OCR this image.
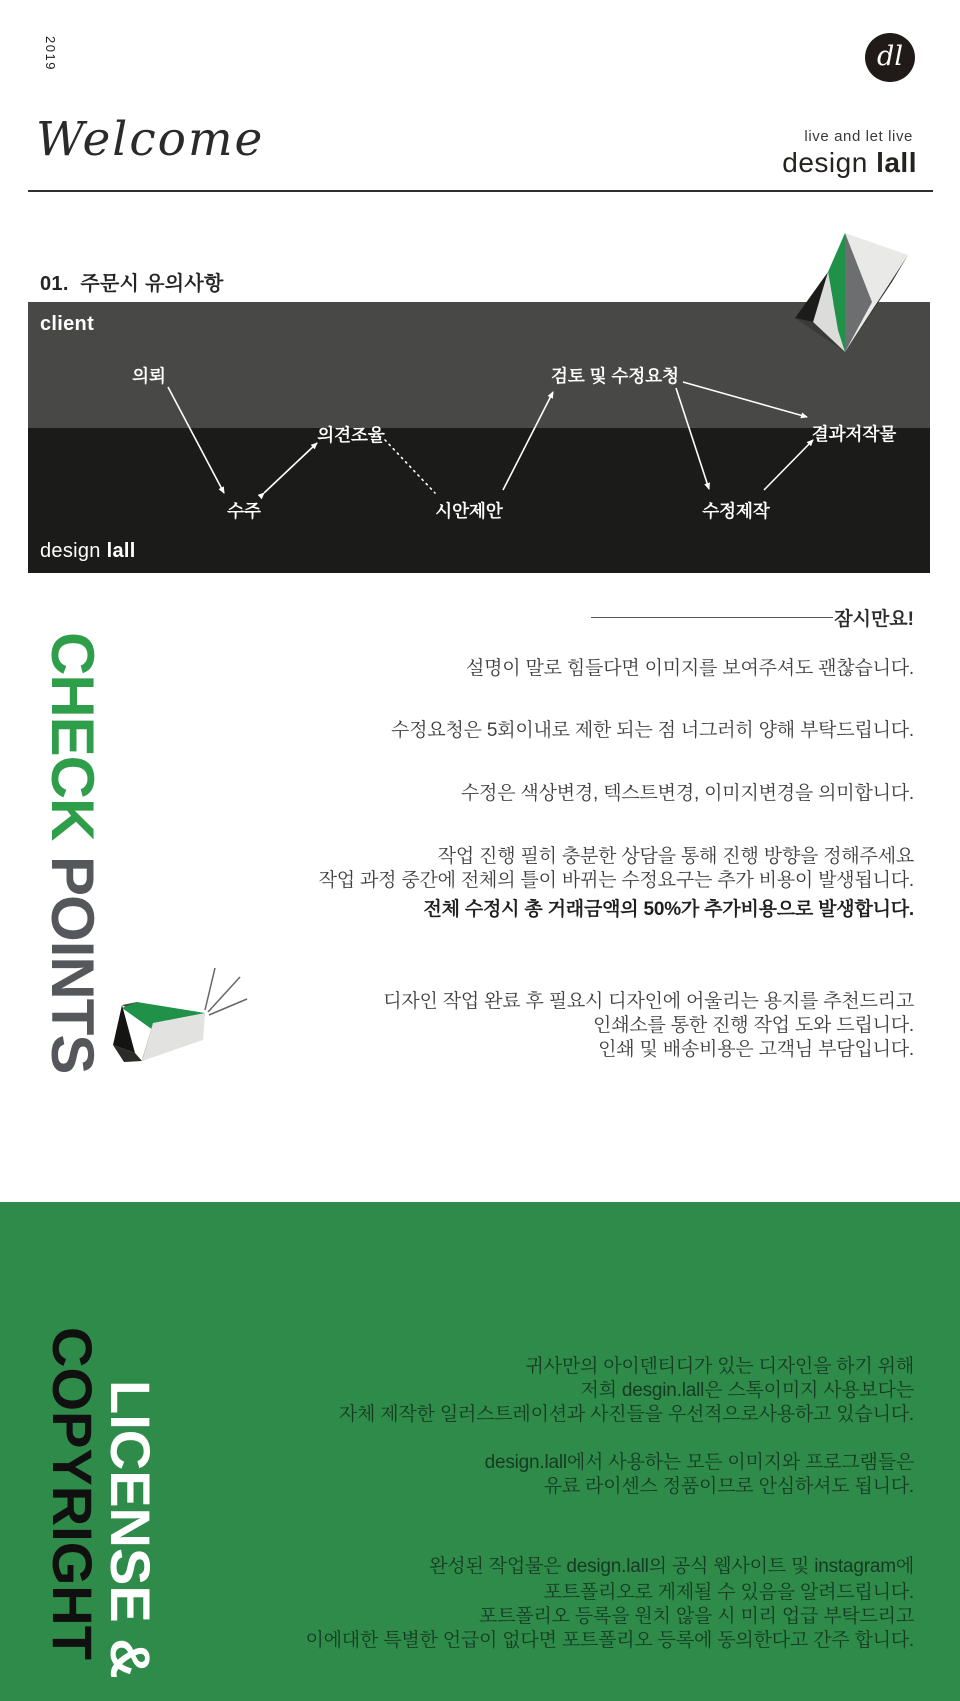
2019	dl
Welcome	live and let live
design lall
01. 주문시 유의사항
client
design lall
의뢰
수주
의견조율
시안제안
검토 및 수정요청
수정제작
결과저작물
CHECK POINTS
잠시만요!
설명이 말로 힘들다면 이미지를 보여주셔도 괜찮습니다.
수정요청은 5회이내로 제한 되는 점 너그러히 양해 부탁드립니다.
수정은 색상변경, 텍스트변경, 이미지변경을 의미합니다.
작업 진행 필히 충분한 상담을 통해 진행 방향을 정해주세요
작업 과정 중간에 전체의 틀이 바뀌는 수정요구는 추가 비용이 발생됩니다.
전체 수정시 총 거래금액의 50%가 추가비용으로 발생합니다.
디자인 작업 완료 후 필요시 디자인에 어울리는 용지를 추천드리고
인쇄소를 통한 진행 작업 도와 드립니다.
인쇄 및 배송비용은 고객님 부담입니다.
COPYRIGHT
LICENSE &
귀사만의 아이덴티디가 있는 디자인을 하기 위해
저희 desgin.lall은 스톡이미지 사용보다는
자체 제작한 일러스트레이션과 사진들을 우선적으로사용하고 있습니다.
design.lall에서 사용하는 모든 이미지와 프로그램들은
유료 라이센스 정품이므로 안심하셔도 됩니다.
완성된 작업물은 design.lall의 공식 웹사이트 및 instagram에
포트폴리오로 게제될 수 있음을 알려드립니다.
포트폴리오 등록을 원치 않을 시 미리 업급 부탁드리고
이에대한 특별한 언급이 없다면 포트폴리오 등록에 동의한다고 간주 합니다.
